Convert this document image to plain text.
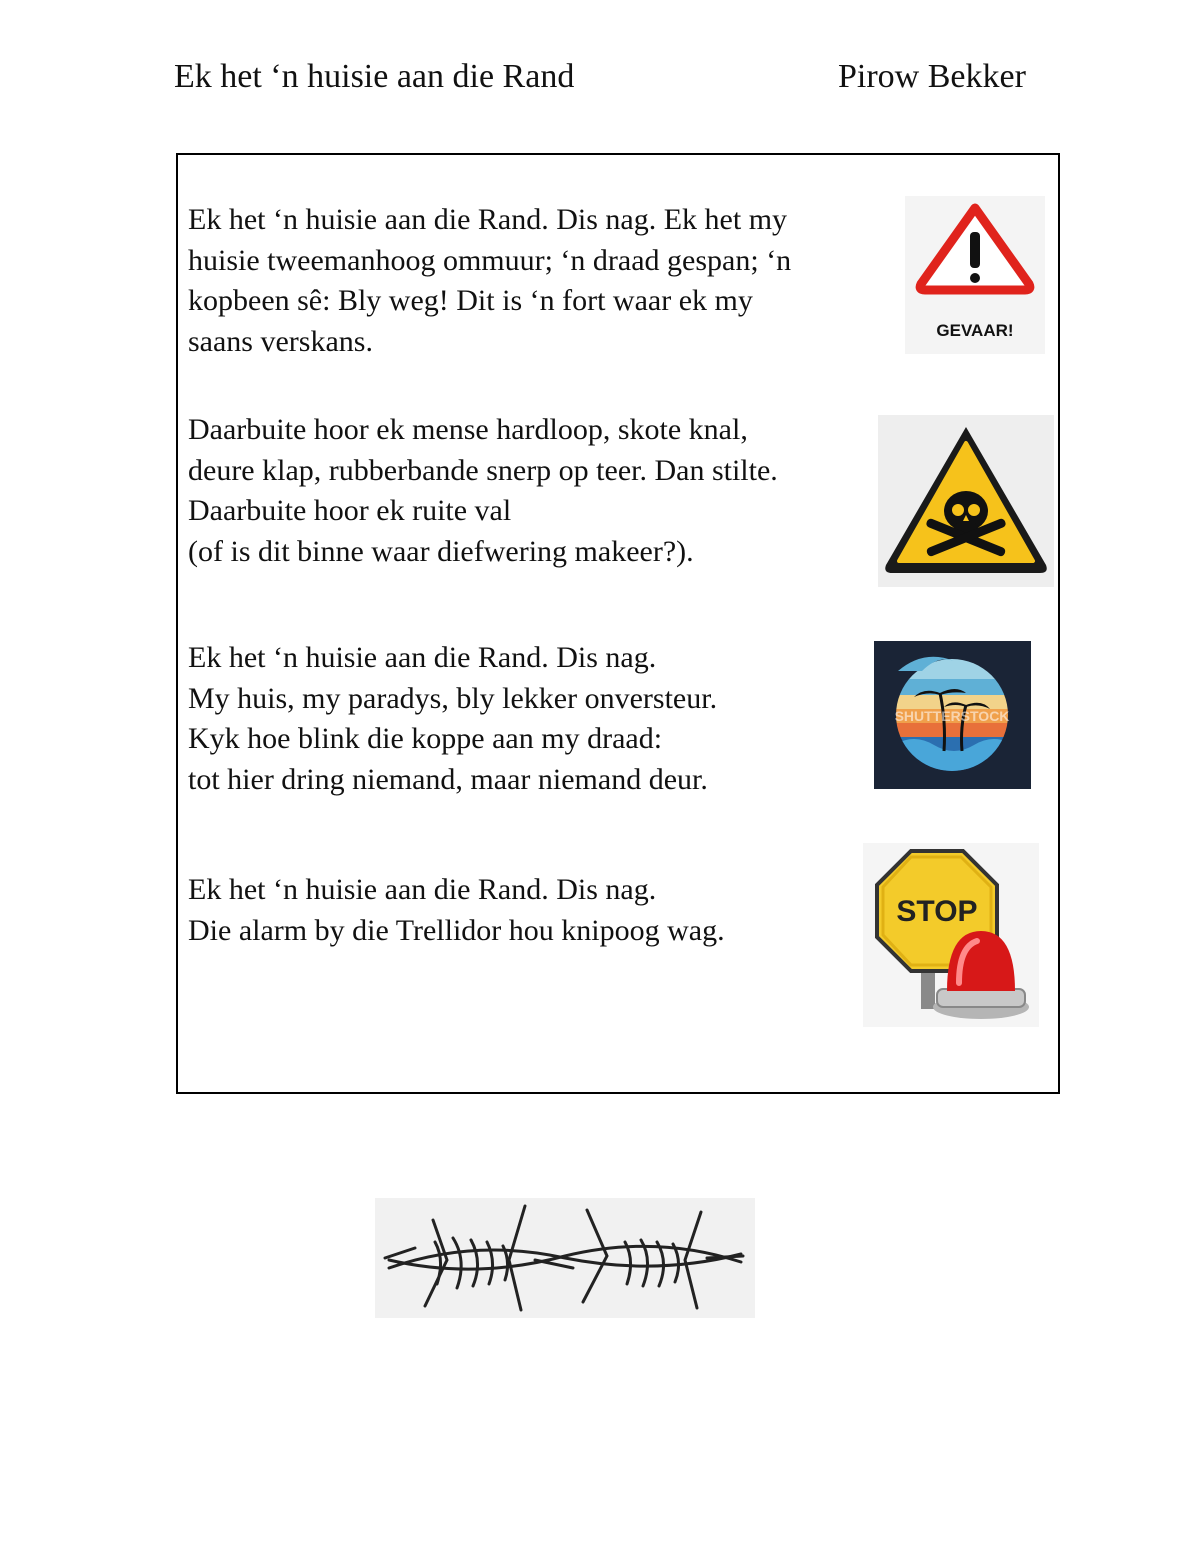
Ek het ‘n huisie aan die Rand	Pirow Bekker
Ek het ‘n huisie aan die Rand. Dis nag. Ek het my
huisie tweemanhoog ommuur; ‘n draad gespan; ‘n
kopbeen sê: Bly weg! Dit is ‘n fort waar ek my
saans verskans.
Daarbuite hoor ek mense hardloop, skote knal,
deure klap, rubberbande snerp op teer. Dan stilte.
Daarbuite hoor ek ruite val
(of is dit binne waar diefwering makeer?).
Ek het ‘n huisie aan die Rand. Dis nag.
My huis, my paradys, bly lekker onversteur.
Kyk hoe blink die koppe aan my draad:
tot hier dring niemand, maar niemand deur.
Ek het ‘n huisie aan die Rand. Dis nag.
Die alarm by die Trellidor hou knipoog wag.
GEVAAR!
SHUTTERSTOCK
STOP
